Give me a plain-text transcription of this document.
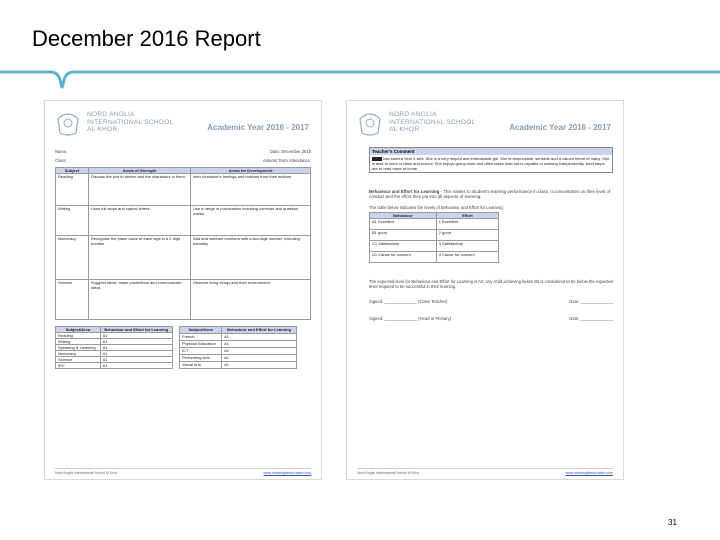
December 2016 Report
NORD ANGLIA
INTERNATIONAL SCHOOL
AL KHOR	Academic Year 2016 - 2017
Name:	Date: December 2016
Class:	Autumn Term Attendance:
Subject	Areas of Strength	Areas for Development
Reading	Discuss the plot in stories and the characters in them	Infer character's feelings and motives from their actions
Writing	Uses full stops and capital letters	Use a range of punctuation including commas and question marks
Numeracy	Recognise the place value of each digit in a 2 digit number	Add and subtract numbers with a two-digit number, including mentally
Science	Suggest ideas, make predictions and communicate ideas	Observe living things and their environment
Subject/Area	Behaviour and Effort for Learning
Reading	A1
Writing	A1
Speaking & Listening	A1
Numeracy	A1
Science	A1
IPC	A1
Subject/Area	Behaviour and Effort for Learning
French	A1
Physical Education	A1
ICT	A1
Performing Arts	A1
Visual Arts	A1
Nord Anglia International School Al Khor	www.nordangliaeducation.com
NORD ANGLIA
INTERNATIONAL SCHOOL
AL KHOR	Academic Year 2016 - 2017
Teacher's Comment
has started Year 3 well. She is a very helpful and enthusiastic girl. She is responsible, sensible and a valued friend of many. She is able to work in class and school. She enjoys group work and often takes lead but is capable of working independently. Next steps are to read more at home.
Behaviour and Effort for Learning - This relates to student's learning performance in class. It concentrates on their level of conduct and the effort they put into all aspects of learning.
The table below indicates the levels of Behaviour and Effort for Learning:
Behaviour	Effort
A1 Excellent	1 Excellent
B1 good	2 good
C1 Satisfactory	3 Satisfactory
D1 Cause for concern	4 Cause for concern
The expected level for Behaviour and Effort for Learning is A2; any child achieving below B2 is considered to be below the expected level required to be successful in their learning.
Signed: ______________ (Class Teacher)	Date: ______________
Signed: ______________ (Head of Primary)	Date: ______________
Nord Anglia International School Al Khor	www.nordangliaeducation.com
31
